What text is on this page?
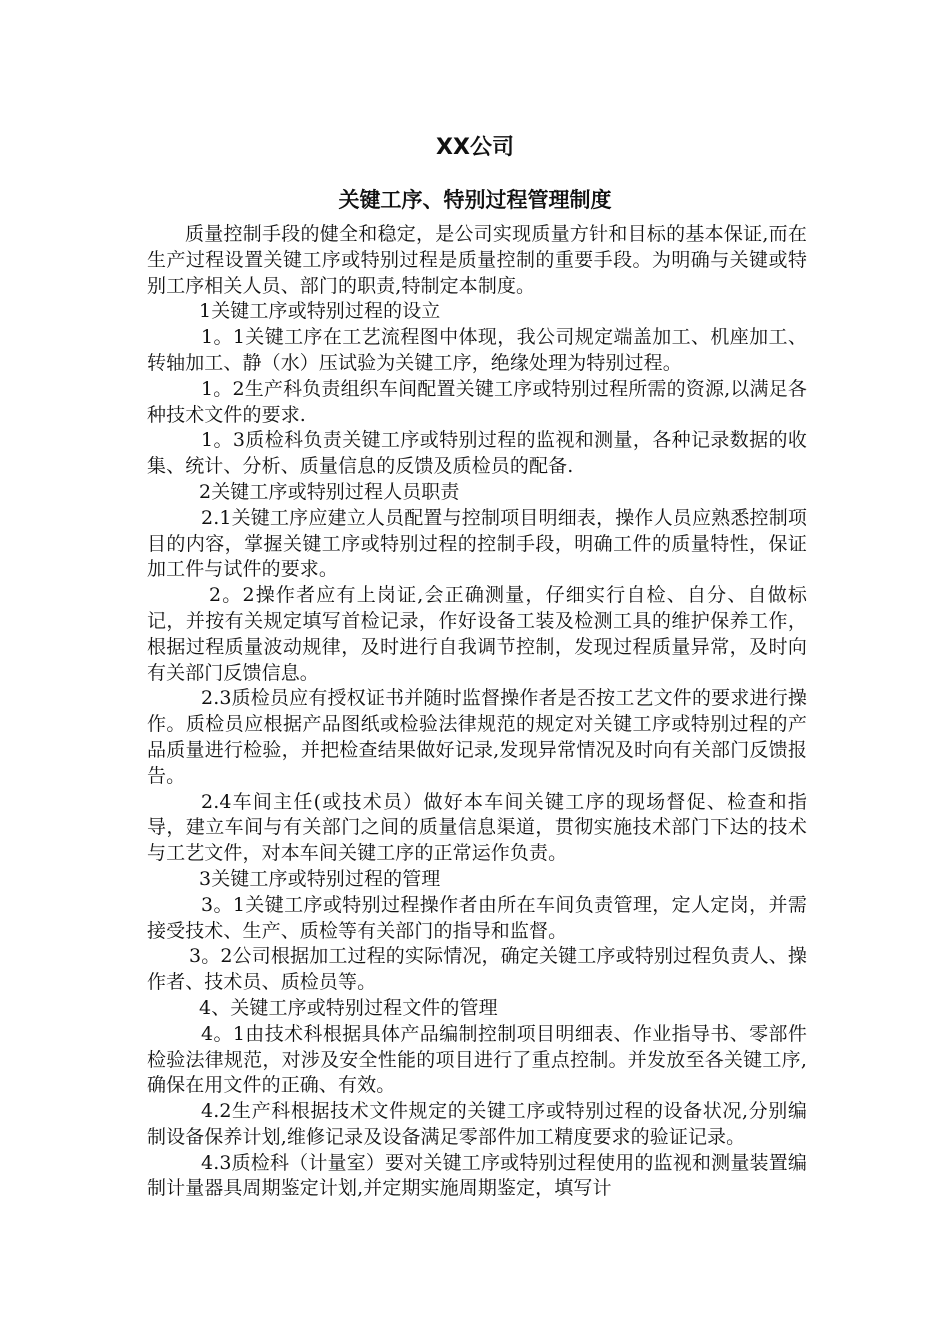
XX公司
关键工序、特别过程管理制度

质量控制手段的健全和稳定，是公司实现质量方针和目标的基本保证,而在生产过程设置关键工序或特别过程是质量控制的重要手段。为明确与关键或特别工序相关人员、部门的职责,特制定本制度。

1关键工序或特别过程的设立

1。1关键工序在工艺流程图中体现，我公司规定端盖加工、机座加工、转轴加工、静（水）压试验为关键工序，绝缘处理为特别过程。

1。2生产科负责组织车间配置关键工序或特别过程所需的资源,以满足各种技术文件的要求.

1。3质检科负责关键工序或特别过程的监视和测量，各种记录数据的收集、统计、分析、质量信息的反馈及质检员的配备.

2关键工序或特别过程人员职责

2.1关键工序应建立人员配置与控制项目明细表，操作人员应熟悉控制项目的内容，掌握关键工序或特别过程的控制手段，明确工件的质量特性，保证加工件与试件的要求。

2。2操作者应有上岗证,会正确测量，仔细实行自检、自分、自做标记，并按有关规定填写首检记录，作好设备工装及检测工具的维护保养工作，根据过程质量波动规律，及时进行自我调节控制，发现过程质量异常，及时向有关部门反馈信息。

2.3质检员应有授权证书并随时监督操作者是否按工艺文件的要求进行操作。质检员应根据产品图纸或检验法律规范的规定对关键工序或特别过程的产品质量进行检验，并把检查结果做好记录,发现异常情况及时向有关部门反馈报告。

2.4车间主任(或技术员）做好本车间关键工序的现场督促、检查和指导，建立车间与有关部门之间的质量信息渠道，贯彻实施技术部门下达的技术与工艺文件，对本车间关键工序的正常运作负责。

3关键工序或特别过程的管理

3。1关键工序或特别过程操作者由所在车间负责管理，定人定岗，并需接受技术、生产、质检等有关部门的指导和监督。

3。2公司根据加工过程的实际情况，确定关键工序或特别过程负责人、操作者、技术员、质检员等。

4、关键工序或特别过程文件的管理

4。1由技术科根据具体产品编制控制项目明细表、作业指导书、零部件检验法律规范，对涉及安全性能的项目进行了重点控制。并发放至各关键工序,确保在用文件的正确、有效。

4.2生产科根据技术文件规定的关键工序或特别过程的设备状况,分别编制设备保养计划,维修记录及设备满足零部件加工精度要求的验证记录。

4.3质检科（计量室）要对关键工序或特别过程使用的监视和测量装置编制计量器具周期鉴定计划,并定期实施周期鉴定，填写计
